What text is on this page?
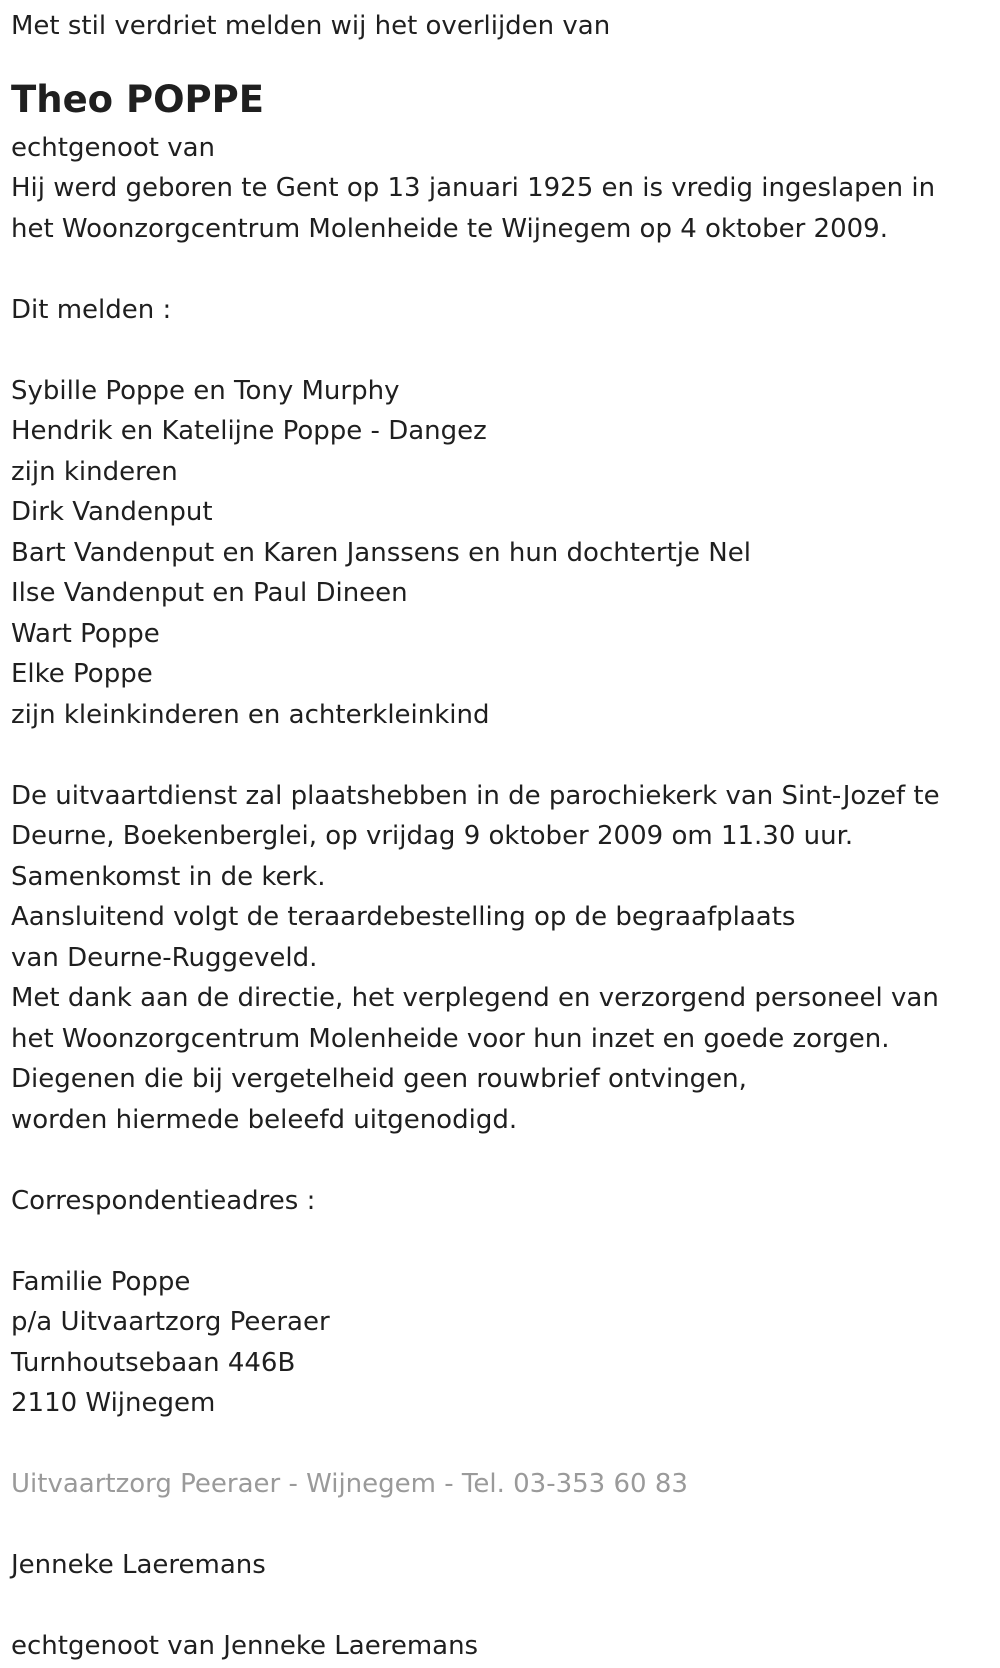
Met stil verdriet melden wij het overlijden van
Theo POPPE
echtgenoot van
Hij werd geboren te Gent op 13 januari 1925 en is vredig ingeslapen in
het Woonzorgcentrum Molenheide te Wijnegem op 4 oktober 2009.
Dit melden :
Sybille Poppe en Tony Murphy
Hendrik en Katelijne Poppe - Dangez
zijn kinderen
Dirk Vandenput
Bart Vandenput en Karen Janssens en hun dochtertje Nel
Ilse Vandenput en Paul Dineen
Wart Poppe
Elke Poppe
zijn kleinkinderen en achterkleinkind
De uitvaartdienst zal plaatshebben in de parochiekerk van Sint-Jozef te
Deurne, Boekenberglei, op vrijdag 9 oktober 2009 om 11.30 uur.
Samenkomst in de kerk.
Aansluitend volgt de teraardebestelling op de begraafplaats
van Deurne-Ruggeveld.
Met dank aan de directie, het verplegend en verzorgend personeel van
het Woonzorgcentrum Molenheide voor hun inzet en goede zorgen.
Diegenen die bij vergetelheid geen rouwbrief ontvingen,
worden hiermede beleefd uitgenodigd.
Correspondentieadres :
Familie Poppe
p/a Uitvaartzorg Peeraer
Turnhoutsebaan 446B
2110 Wijnegem
Uitvaartzorg Peeraer - Wijnegem - Tel. 03-353 60 83
Jenneke Laeremans
echtgenoot van Jenneke Laeremans
